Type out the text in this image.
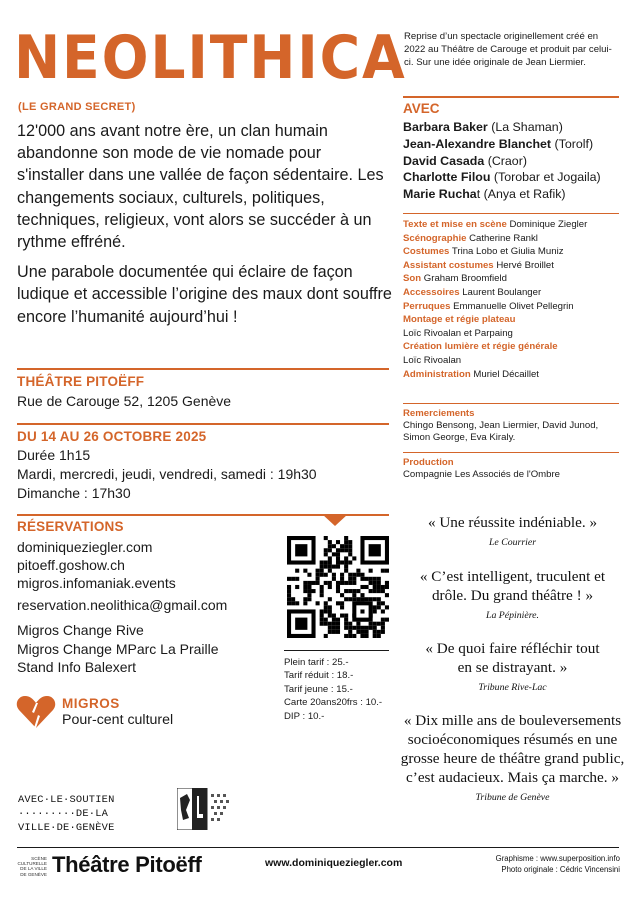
NEOLITHICA
(LE GRAND SECRET)

12'000 ans avant notre ère, un clan humain abandonne son mode de vie nomade pour s'installer dans une vallée de façon sédentaire. Les changements sociaux, culturels, politiques, techniques, religieux, vont alors se succéder à un rythme effréné.

Une parabole documentée qui éclaire de façon ludique et accessible l’origine des maux dont souffre encore l’humanité aujourd’hui !

THÉÂTRE PITOËFF
Rue de Carouge 52, 1205 Genève
DU 14 AU 26 OCTOBRE 2025
Durée 1h15
Mardi, mercredi, jeudi, vendredi, samedi : 19h30
Dimanche : 17h30
RÉSERVATIONS
dominiqueziegler.com
pitoeff.goshow.ch
migros.infomaniak.events
reservation.neolithica@gmail.com
Migros Change Rive
Migros Change MParc La Praille
Stand Info Balexert	Plein tarif : 25.-
Tarif réduit : 18.-
Tarif jeune : 15.-
Carte 20ans20frs : 10.-
DIP : 10.-
MIGROS
Pour-cent culturel
AVEC·LE·SOUTIEN
·········DE·LA
VILLE·DE·GENÈVE
Reprise d’un spectacle originellement créé en 2022 au Théâtre de Carouge et produit par celui-ci. Sur une idée originale de Jean Liermier.
AVEC
Barbara Baker (La Shaman)
Jean-Alexandre Blanchet (Torolf)
David Casada (Craor)
Charlotte Filou (Torobar et Jogaila)
Marie Ruchat (Anya et Rafik)
Texte et mise en scène Dominique Ziegler
Scénographie Catherine Rankl
Costumes Trina Lobo et Giulia Muniz
Assistant costumes Hervé Broillet
Son Graham Broomfield
Accessoires Laurent Boulanger
Perruques Emmanuelle Olivet Pellegrin
Montage et régie plateau
Loïc Rivoalan et Parpaing
Création lumière et régie générale
Loïc Rivoalan
Administration Muriel Décaillet
Remerciements
Chingo Bensong, Jean Liermier, David Junod, Simon George, Eva Kiraly.
Production
Compagnie Les Associés de l'Ombre
« Une réussite indéniable. »
Le Courrier
« C’est intelligent, truculent et drôle. Du grand théâtre ! »
La Pépinière.
« De quoi faire réfléchir tout en se distrayant. »
Tribune Rive-Lac
« Dix mille ans de bouleversements socioéconomiques résumés en une grosse heure de théâtre grand public, c’est audacieux. Mais ça marche. »
Tribune de Genève
SCÈNE CULTURELLE DE LA VILLE DE GENÈVE Théâtre Pitoëff	www.dominiqueziegler.com	Graphisme : www.superposition.info
Photo originale : Cédric Vincensini
